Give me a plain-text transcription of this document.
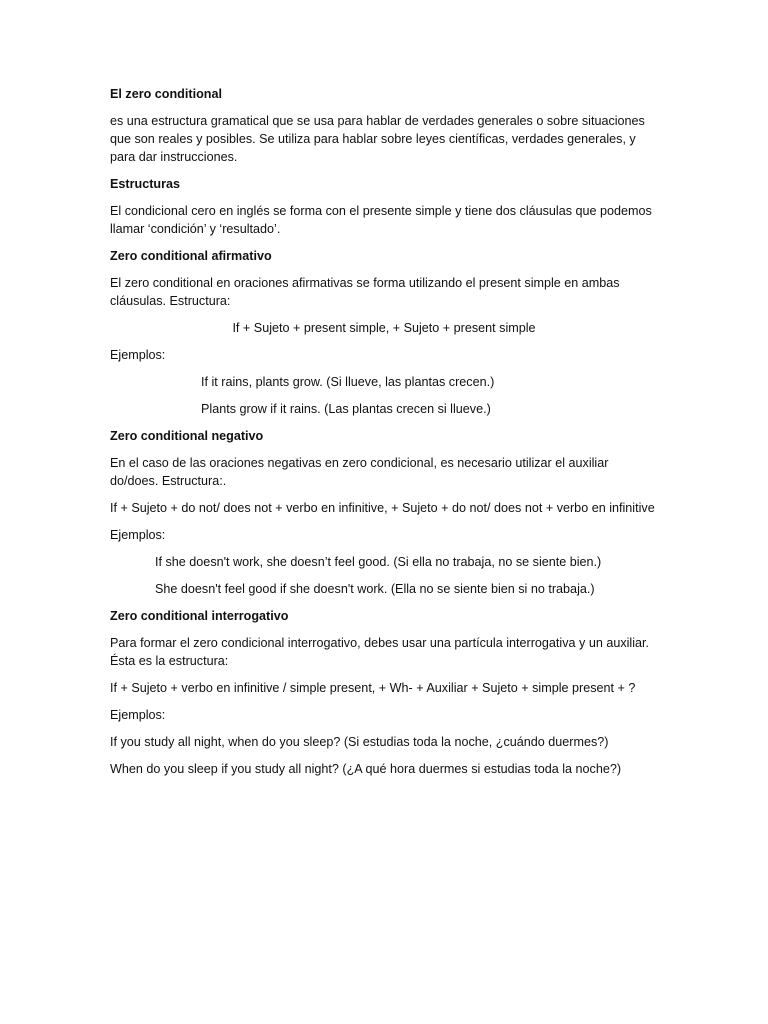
El zero conditional

es una estructura gramatical que se usa para hablar de verdades generales o sobre situaciones que son reales y posibles. Se utiliza para hablar sobre leyes científicas, verdades generales, y para dar instrucciones.

Estructuras

El condicional cero en inglés se forma con el presente simple y tiene dos cláusulas que podemos llamar ‘condición’ y ‘resultado’.

Zero conditional afirmativo

El zero conditional en oraciones afirmativas se forma utilizando el present simple en ambas cláusulas. Estructura:

If + Sujeto + present simple, + Sujeto + present simple

Ejemplos:

If it rains, plants grow. (Si llueve, las plantas crecen.)

Plants grow if it rains. (Las plantas crecen si llueve.)

Zero conditional negativo

En el caso de las oraciones negativas en zero condicional, es necesario utilizar el auxiliar do/does. Estructura:.

If + Sujeto + do not/ does not + verbo en infinitive, + Sujeto + do not/ does not + verbo en infinitive

Ejemplos:

If she doesn't work, she doesn’t feel good. (Si ella no trabaja, no se siente bien.)

She doesn't feel good if she doesn't work. (Ella no se siente bien si no trabaja.)

Zero conditional interrogativo

Para formar el zero condicional interrogativo, debes usar una partícula interrogativa y un auxiliar. Ésta es la estructura:

If + Sujeto + verbo en infinitive / simple present, + Wh- + Auxiliar + Sujeto + simple present + ?

Ejemplos:

If you study all night, when do you sleep? (Si estudias toda la noche, ¿cuándo duermes?)

When do you sleep if you study all night? (¿A qué hora duermes si estudias toda la noche?)
